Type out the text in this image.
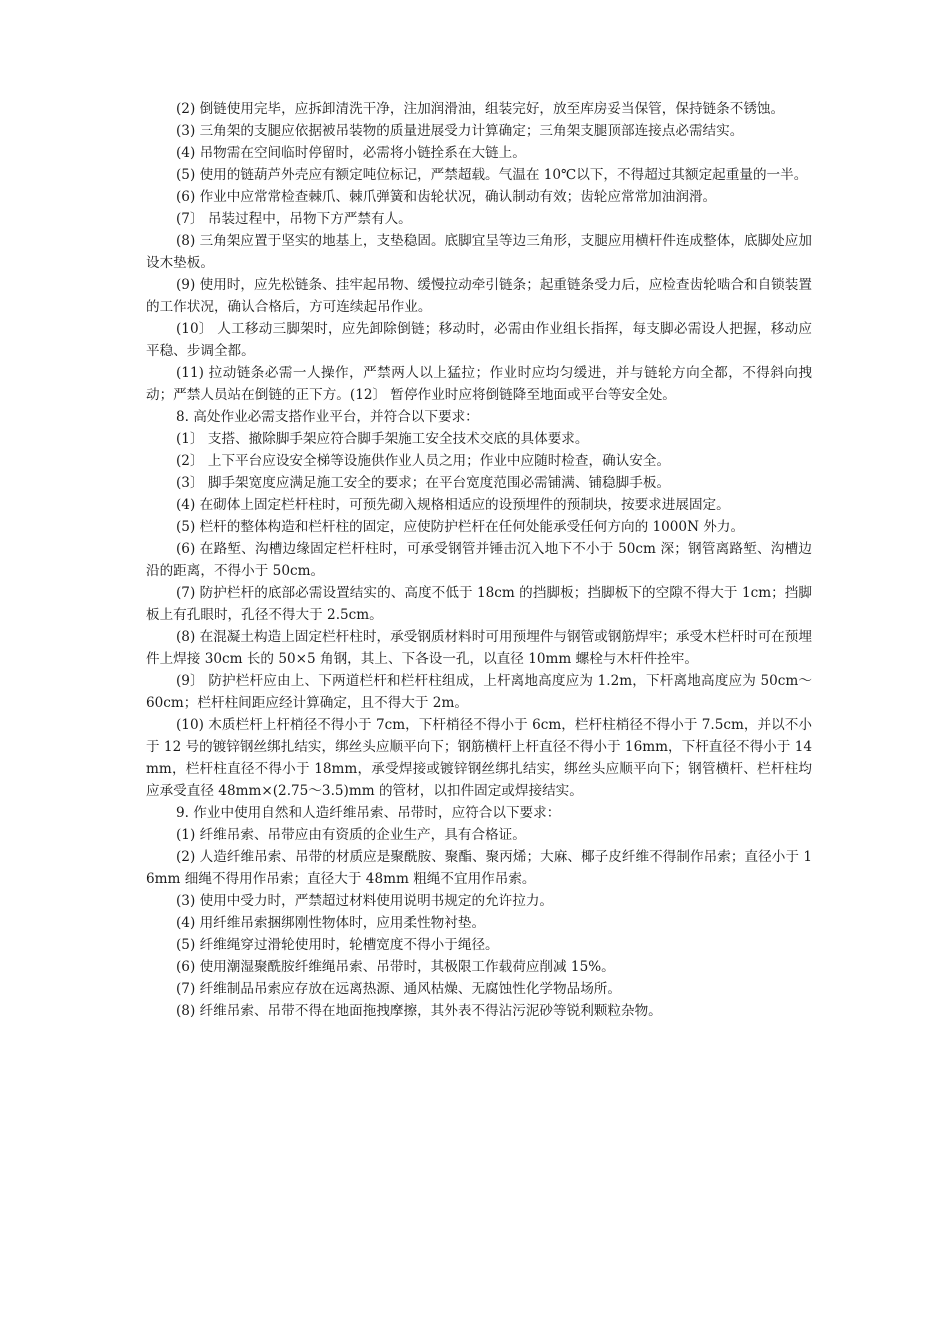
(2) 倒链使用完毕，应拆卸清洗干净，注加润滑油，组装完好，放至库房妥当保管，保持链条不锈蚀。

(3) 三角架的支腿应依据被吊装物的质量进展受力计算确定；三角架支腿顶部连接点必需结实。

(4) 吊物需在空间临时停留时，必需将小链拴系在大链上。

(5) 使用的链葫芦外壳应有额定吨位标记，严禁超载。气温在 10℃以下，不得超过其额定起重量的一半。

(6) 作业中应常常检查棘爪、棘爪弹簧和齿轮状况，确认制动有效；齿轮应常常加油润滑。

(7〕 吊装过程中，吊物下方严禁有人。

(8) 三角架应置于坚实的地基上，支垫稳固。底脚宜呈等边三角形，支腿应用横杆件连成整体，底脚处应加设木垫板。

(9) 使用时，应先松链条、挂牢起吊物、缓慢拉动牵引链条；起重链条受力后，应检查齿轮啮合和自锁装置的工作状况，确认合格后，方可连续起吊作业。

(10〕 人工移动三脚架时，应先卸除倒链；移动时，必需由作业组长指挥，每支脚必需设人把握，移动应平稳、步调全都。

(11) 拉动链条必需一人操作，严禁两人以上猛拉；作业时应均匀缓进，并与链轮方向全都，不得斜向拽动；严禁人员站在倒链的正下方。(12〕 暂停作业时应将倒链降至地面或平台等安全处。

8. 高处作业必需支搭作业平台，并符合以下要求：

(1〕 支搭、撤除脚手架应符合脚手架施工安全技术交底的具体要求。

(2〕 上下平台应设安全梯等设施供作业人员之用；作业中应随时检查，确认安全。

(3〕 脚手架宽度应满足施工安全的要求；在平台宽度范围必需铺满、铺稳脚手板。

(4) 在砌体上固定栏杆柱时，可预先砌入规格相适应的设预埋件的预制块，按要求进展固定。

(5) 栏杆的整体构造和栏杆柱的固定，应使防护栏杆在任何处能承受任何方向的 1000N 外力。

(6) 在路堑、沟槽边缘固定栏杆柱时，可承受钢管并锤击沉入地下不小于 50cm 深；钢管离路堑、沟槽边沿的距离，不得小于 50cm。

(7) 防护栏杆的底部必需设置结实的、高度不低于 18cm 的挡脚板；挡脚板下的空隙不得大于 1cm；挡脚板上有孔眼时，孔径不得大于 2.5cm。

(8) 在混凝土构造上固定栏杆柱时，承受钢质材料时可用预埋件与钢管或钢筋焊牢；承受木栏杆时可在预埋件上焊接 30cm 长的 50×5 角钢，其上、下各设一孔，以直径 10mm 螺栓与木杆件拴牢。

(9〕 防护栏杆应由上、下两道栏杆和栏杆柱组成，上杆离地高度应为 1.2m，下杆离地高度应为 50cm～60cm；栏杆柱间距应经计算确定，且不得大于 2m。

(10) 木质栏杆上杆梢径不得小于 7cm，下杆梢径不得小于 6cm，栏杆柱梢径不得小于 7.5cm，并以不小于 12 号的镀锌钢丝绑扎结实，绑丝头应顺平向下；钢筋横杆上杆直径不得小于 16mm，下杆直径不得小于 14mm，栏杆柱直径不得小于 18mm，承受焊接或镀锌钢丝绑扎结实，绑丝头应顺平向下；钢管横杆、栏杆柱均应承受直径 48mm×(2.75～3.5)mm 的管材，以扣件固定或焊接结实。

9. 作业中使用自然和人造纤维吊索、吊带时，应符合以下要求：

(1) 纤维吊索、吊带应由有资质的企业生产，具有合格证。

(2) 人造纤维吊索、吊带的材质应是聚酰胺、聚酯、聚丙烯；大麻、椰子皮纤维不得制作吊索；直径小于 16mm 细绳不得用作吊索；直径大于 48mm 粗绳不宜用作吊索。

(3) 使用中受力时，严禁超过材料使用说明书规定的允许拉力。

(4) 用纤维吊索捆绑刚性物体时，应用柔性物衬垫。

(5) 纤维绳穿过滑轮使用时，轮槽宽度不得小于绳径。

(6) 使用潮湿聚酰胺纤维绳吊索、吊带时，其极限工作载荷应削减 15%。

(7) 纤维制品吊索应存放在远离热源、通风枯燥、无腐蚀性化学物品场所。

(8) 纤维吊索、吊带不得在地面拖拽摩擦，其外表不得沾污泥砂等锐利颗粒杂物。
